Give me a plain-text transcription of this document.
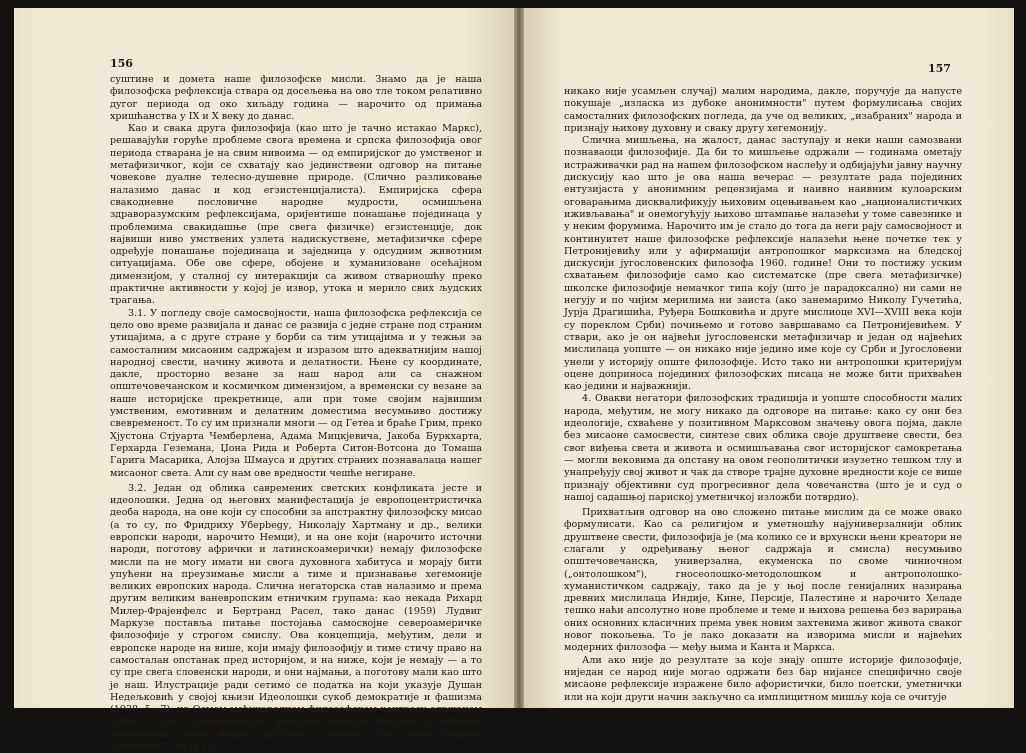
156

суштине и домета наше филозофске мисли. Знамо да је наша филозофска рефлексија ствара од досељења на ово тле током релативно дугог периода од око хиљаду година — нарочито од примања хришћанства у IX и X веку до данас.

Као и свака друга филозофија (као што је тачно истакао Маркс), решавајући горуће проблеме свога времена и српска филозофија овог периода стварана је на свим нивоима — од емпиријског до умственог и метафизичког, који се схватају као јединствени одговор на питање човекове дуалне телесно-душевне природе. (Сличнo разликовање налазимо данас и код егзистенцијалиста). Емпиријска сфера свакодневне пословичне народне мудрости, осмишљена здраворазумским рефлексијама, оријентише понашање појединаца у проблемима свакидашње (пре свега физичке) егзистенције, док највиши ниво умствених узлета надискуствене, метафизичке сфере одређује понашање појединаца и заједница у одсудним животним ситуацијама. Обе ове сфере, обојене и хуманизоване осећајном димензијом, у сталној су интеракцији са живом стварношћу преко практичне активности у којој је извор, утока и мерило свих људских трагања.

3.1. У погледу своје самосвојности, наша филозофска рефлексија се цело ово време развијала и данас се развија с једне стране под страним утицајима, а с друге стране у борби са тим утицајима и у тежњи за самосталним мисаоним садржајем и изразом што адекватнијим нашој народној свести, начину живота и делатности. Њене су координате, дакле, простoрно везане за наш народ али са снажном општечовечанском и космичком димензијом, а временски су везане за наше историјске прекретнице, али при томе својим највишим умственим, емотивним и делатним доместима несумњиво достижу свевременост. То су им признали многи — од Гетеа и браће Грим, преко Хјустона Стјуарта Чемберлена, Адама Мицкјевича, Јакоба Буркхарта, Герхарда Геземана, Џона Рида и Роберта Ситон-Вотсона до Томаша Гарига Масарика, Алојза Шмауса и других страних познавалаца нашег мисаоног света. Али су нам ове вредности чешће негиране.

3.2. Један од облика савремених светских конфликата јесте и идеолошки. Једна од његових манифестација је европоцентристичка деоба народа, на оне који су способни за апстрактну филозофску мисао (а то су, по Фридриху Уберbegу, Николају Хартману и др., велики европски народи, нарочито Немци), и на оне који (нарочито источни народи, поготову афрички и латинскоамерички) немају филозофске мисли па не могу имати ни свога духовнога хабитуса и морају бити упућени на преузимање мисли а тиме и признавање хегемоније великих европских народа. Слична негаторска став налазимо и према другим великим ваневропским етничким групама: као некада Рихард Милер-Фрајенфелс и Бертранд Расел, тако данас (1959) Лудвиг Маркузе поставља питање постојања самосвојне севeроамеричке филозофије у строгом смислу. Ова концепција, међутим, дели и европске народе на више, који имају филозофију и тиме стичу право на самосталан опстанак пред историјом, и на ниже, који је немају — а то су пре свега словенски народи, и они најмањи, а поготову мали као што је наш. Илустрације ради сетимо се податка на који указује Душан Недељковић у својој књизи Идеолошки сукоб демократије и фашизма (1938, 5—7): на Осмом међународном филозофском конгресу одржаном 1934. у Прагу реакционарни филозоф Николај Хартман је добацио делегатима малих народа дословно следеће: „Ви, мали, пишите уџбенике!". Он (а то

157

никако није усамљен случај) малим народима, дакле, поручује да напусте покушаје „изласка из дубоке анонимности" путем формулисања својих самосталних филозофских погледа, да уче од великих, „изабраних" народа и признају њихову духовну и сваку другу хегемонију.

Слична мишљења, на жалост, данас заступају и неки наши самозвани познаваоци филозофије. Да би то мишљење одржали — годинама ометају истраживачки рад на нашем филозофском наслеђу и одбијајући јавну научну дискусију као што је ова наша вечерас — резултате рада појединих ентузијаста у анонимним рецензијама и наивно наивним кулоарским оговарањима дисквалификују њиховим оцењивањем као „националистичких иживљавања" и онемогућују њихово штампање налазећи у томе савезнике и у неким форумима. Нарочито им је стало до тога да неги рају самосвојност и континуитет наше филозофске рефлексије налазећи њене почетке тек у Петронијевићу или у афирмацији антропошког марксизма на бледској дискусији југословенских филозофа 1960. године! Они то постижу уским схватањем филозофије само као систематске (пре свега метафизичке) школске филозофије немачког типа коју (што је парадоксално) ни сами не негују и по чијим мерилима ни заиста (ако занемаримо Николу Гучетића, Јурја Драгишића, Руђера Бошковића и друге мислиоце XVI—XVIII века који су пореклом Срби) почињемо и готово завршавамо са Петронијевићем. У ствари, ако је он највећи југословенски метафизичар и један од највећих мислилаца уопште — он никако није једино име које су Срби и Југословени унели у историју опште филозофије. Исто тако ни антропошки критеријум оцене доприноса појединих филозофских писаца не може бити прихваћен као једини и најважнији.

4. Овакви негатори филозофских традиција и уопште способности малих народа, међутим, не могу никако да одговоре на питање: како су они без идеологије, схваћене у позитивном Марксовом значењу овога појма, дакле без мисаоне самосвести, синтезе свих облика своје друштвене свести, без свог виђења света и живота и осмишљавања свог историјског самокретања — могли вековима да опстану на овом геополитички изузетно тешком тлу и унапређују свој живот и чак да створе трајне духовне вредности које се више признају објективни суд прогресивног дела човечанства (што је и суд о нашој садашњој парискoj уметничкој изложби потврдио).

Прихватљив одговор на ово сложено питање мислим да се може овако формулисати. Као са религијом и уметношћу најуниверзалнији облик друштвене свести, филозофија је (ма колико се и врхунски њени креатори не слагали у одређивању њеног садржаја и смисла) несумњиво општечовечанска, универзална, екуменска по своме чиниочном („онтолошком"), гносеолошко-методолошком и антрополошко-хуманистичком садржају, тако да је у њој после гениjалних назирања древних мислилаца Индије, Кине, Персије, Палестине и нарочито Хеладе тешко наћи апсолутно нове проблеме и теме и њихова решења без варирања оних основних класичних према увек новим захтевима живог живота сваког новог покољења. То је лако доказати на изворима мисли и највећих модерних филозофа — међу њима и Канта и Маркса.

Али ако није до резултате за које знају опште историје филозофије, ниједан се народ није могао одржати без бар нијансе специфично своје мисаоне рефлексије изражене било афористички, било поетски, уметнички или на који други начин закључно са имплицитном мишљу која се очитује
